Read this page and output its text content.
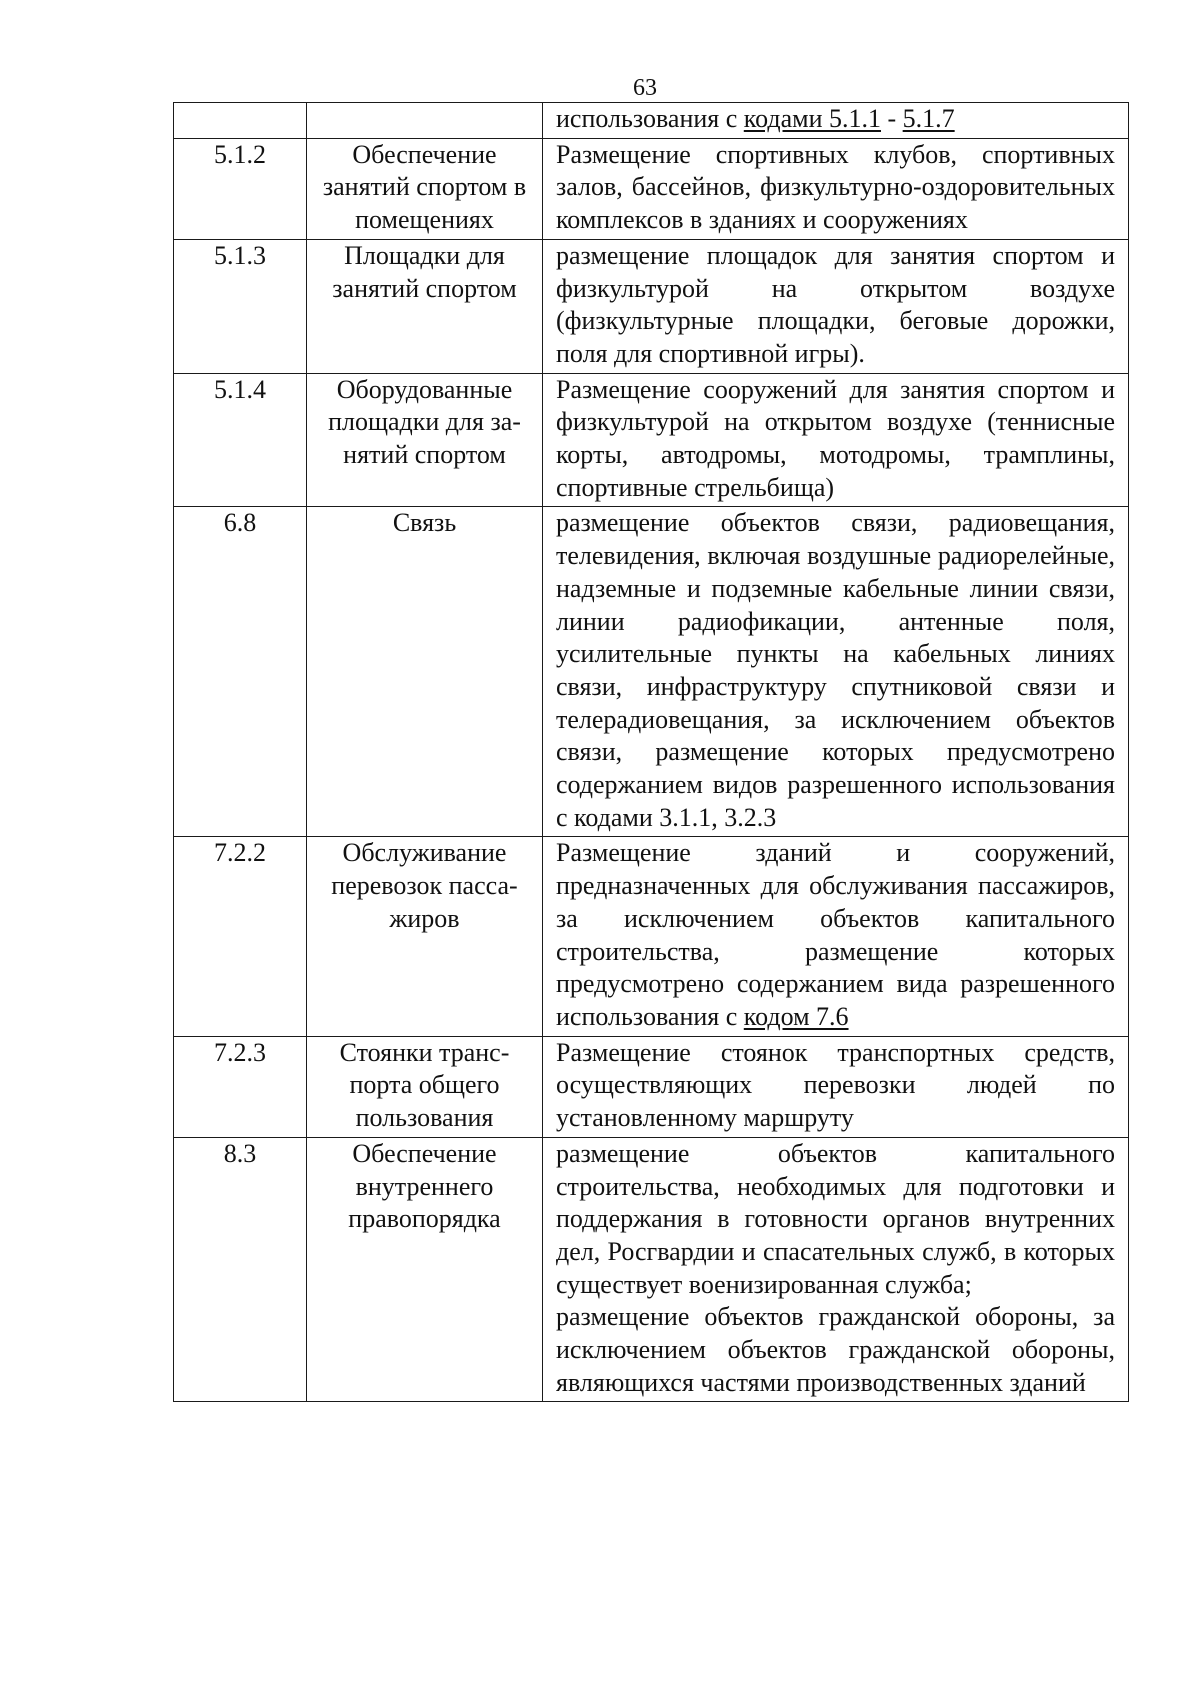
63
		использования с кодами 5.1.1 - 5.1.7
5.1.2	Обеспечение занятий спортом в помещениях	Размещение спортивных клубов, спортивных залов, бассейнов, физкультурно-оздоровительных комплексов в зданиях и сооружениях
5.1.3	Площадки для занятий спортом	размещение площадок для занятия спортом и физкультурой на открытом воздухе (физкультурные площадки, беговые дорожки, поля для спортивной игры).
5.1.4	Оборудованные площадки для за-нятий спортом	Размещение сооружений для занятия спортом и физкультурой на открытом воздухе (теннисные корты, автодромы, мотодромы, трамплины, спортивные стрельбища)
6.8	Связь	размещение объектов связи, радиовещания, телевидения, включая воздушные радиорелейные, надземные и подземные кабельные линии связи, линии радиофикации, антенные поля, усилительные пункты на кабельных линиях связи, инфраструктуру спутниковой связи и телерадиовещания, за исключением объектов связи, размещение которых предусмотрено содержанием видов разрешенного использования с кодами 3.1.1, 3.2.3
7.2.2	Обслуживание перевозок пасса-жиров	Размещение зданий и сооружений, предназначенных для обслуживания пассажиров, за исключением объектов капитального строительства, размещение которых предусмотрено содержанием вида разрешенного использования с кодом 7.6
7.2.3	Стоянки транс-порта общего пользования	Размещение стоянок транспортных средств, осуществляющих перевозки людей по установленному маршруту
8.3	Обеспечение внутреннего правопорядка	размещение объектов капитального строительства, необходимых для подготовки и поддержания в готовности органов внутренних дел, Росгвардии и спасательных служб, в которых существует военизированная служба;
размещение объектов гражданской обороны, за исключением объектов гражданской обороны, являющихся частями производственных зданий
